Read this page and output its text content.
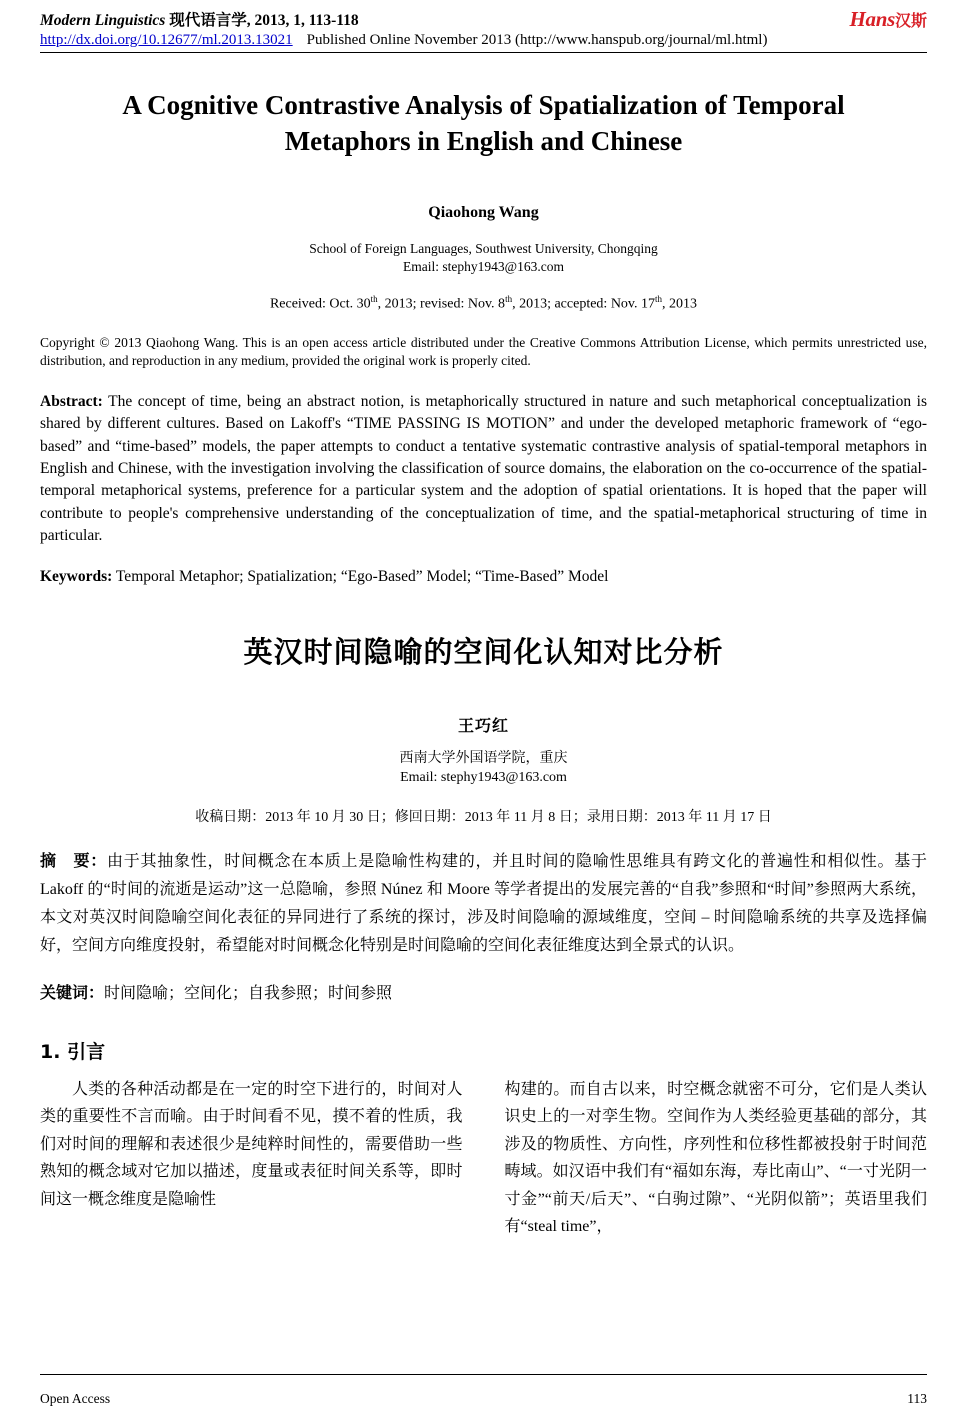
Modern Linguistics 现代语言学, 2013, 1, 113-118	Hans汉斯
http://dx.doi.org/10.12677/ml.2013.13021 Published Online November 2013 (http://www.hanspub.org/journal/ml.html)
A Cognitive Contrastive Analysis of Spatialization of Temporal Metaphors in English and Chinese
Qiaohong Wang
School of Foreign Languages, Southwest University, Chongqing
Email: stephy1943@163.com
Received: Oct. 30th, 2013; revised: Nov. 8th, 2013; accepted: Nov. 17th, 2013
Copyright © 2013 Qiaohong Wang. This is an open access article distributed under the Creative Commons Attribution License, which permits unrestricted use, distribution, and reproduction in any medium, provided the original work is properly cited.
Abstract: The concept of time, being an abstract notion, is metaphorically structured in nature and such metaphorical conceptualization is shared by different cultures. Based on Lakoff's “TIME PASSING IS MOTION” and under the developed metaphoric framework of “ego-based” and “time-based” models, the paper attempts to conduct a tentative systematic contrastive analysis of spatial-temporal metaphors in English and Chinese, with the investigation involving the classification of source domains, the elaboration on the co-occurrence of the spatial-temporal metaphorical systems, preference for a particular system and the adoption of spatial orientations. It is hoped that the paper will contribute to people's comprehensive understanding of the conceptualization of time, and the spatial-metaphorical structuring of time in particular.
Keywords: Temporal Metaphor; Spatialization; “Ego-Based” Model; “Time-Based” Model
英汉时间隐喻的空间化认知对比分析
王巧红
西南大学外国语学院，重庆
Email: stephy1943@163.com
收稿日期：2013 年 10 月 30 日；修回日期：2013 年 11 月 8 日；录用日期：2013 年 11 月 17 日
摘　要：由于其抽象性，时间概念在本质上是隐喻性构建的，并且时间的隐喻性思维具有跨文化的普遍性和相似性。基于 Lakoff 的“时间的流逝是运动”这一总隐喻，参照 Núnez 和 Moore 等学者提出的发展完善的“自我”参照和“时间”参照两大系统，本文对英汉时间隐喻空间化表征的异同进行了系统的探讨，涉及时间隐喻的源域维度，空间 – 时间隐喻系统的共享及选择偏好，空间方向维度投射，希望能对时间概念化特别是时间隐喻的空间化表征维度达到全景式的认识。
关键词：时间隐喻；空间化；自我参照；时间参照
1. 引言

人类的各种活动都是在一定的时空下进行的，时间对人类的重要性不言而喻。由于时间看不见，摸不着的性质，我们对时间的理解和表述很少是纯粹时间性的，需要借助一些熟知的概念域对它加以描述，度量或表征时间关系等，即时间这一概念维度是隐喻性

构建的。而自古以来，时空概念就密不可分，它们是人类认识史上的一对孪生物。空间作为人类经验更基础的部分，其涉及的物质性、方向性，序列性和位移性都被投射于时间范畴域。如汉语中我们有“福如东海，寿比南山”、“一寸光阴一寸金”“前天/后天”、“白驹过隙”、“光阴似箭”；英语里我们有“steal time”，

Open Access	113
